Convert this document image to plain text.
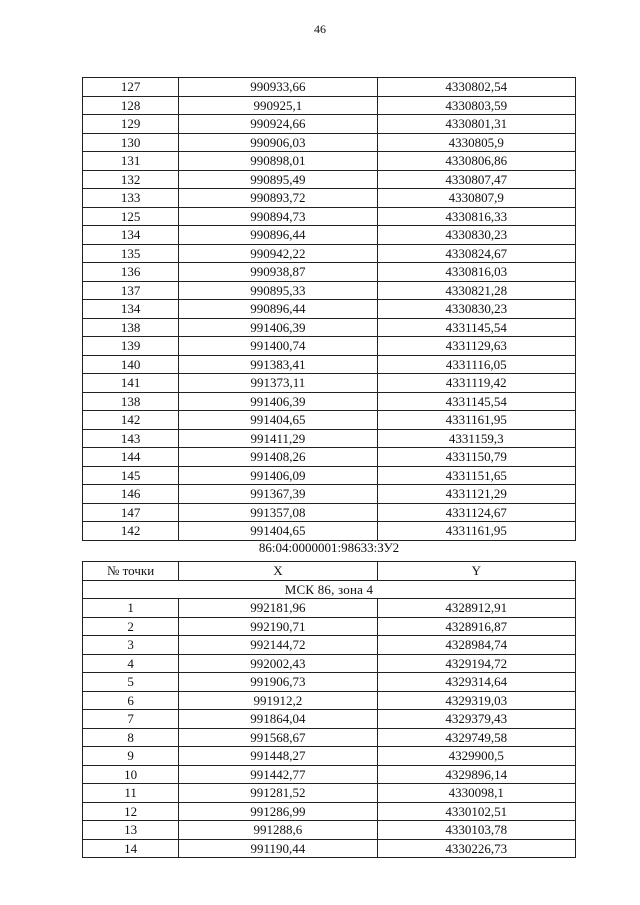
46
127	990933,66	4330802,54
128	990925,1	4330803,59
129	990924,66	4330801,31
130	990906,03	4330805,9
131	990898,01	4330806,86
132	990895,49	4330807,47
133	990893,72	4330807,9
125	990894,73	4330816,33
134	990896,44	4330830,23
135	990942,22	4330824,67
136	990938,87	4330816,03
137	990895,33	4330821,28
134	990896,44	4330830,23
138	991406,39	4331145,54
139	991400,74	4331129,63
140	991383,41	4331116,05
141	991373,11	4331119,42
138	991406,39	4331145,54
142	991404,65	4331161,95
143	991411,29	4331159,3
144	991408,26	4331150,79
145	991406,09	4331151,65
146	991367,39	4331121,29
147	991357,08	4331124,67
142	991404,65	4331161,95
86:04:0000001:98633:ЗУ2
№ точки	X	Y
МСК 86, зона 4		
1	992181,96	4328912,91
2	992190,71	4328916,87
3	992144,72	4328984,74
4	992002,43	4329194,72
5	991906,73	4329314,64
6	991912,2	4329319,03
7	991864,04	4329379,43
8	991568,67	4329749,58
9	991448,27	4329900,5
10	991442,77	4329896,14
11	991281,52	4330098,1
12	991286,99	4330102,51
13	991288,6	4330103,78
14	991190,44	4330226,73
